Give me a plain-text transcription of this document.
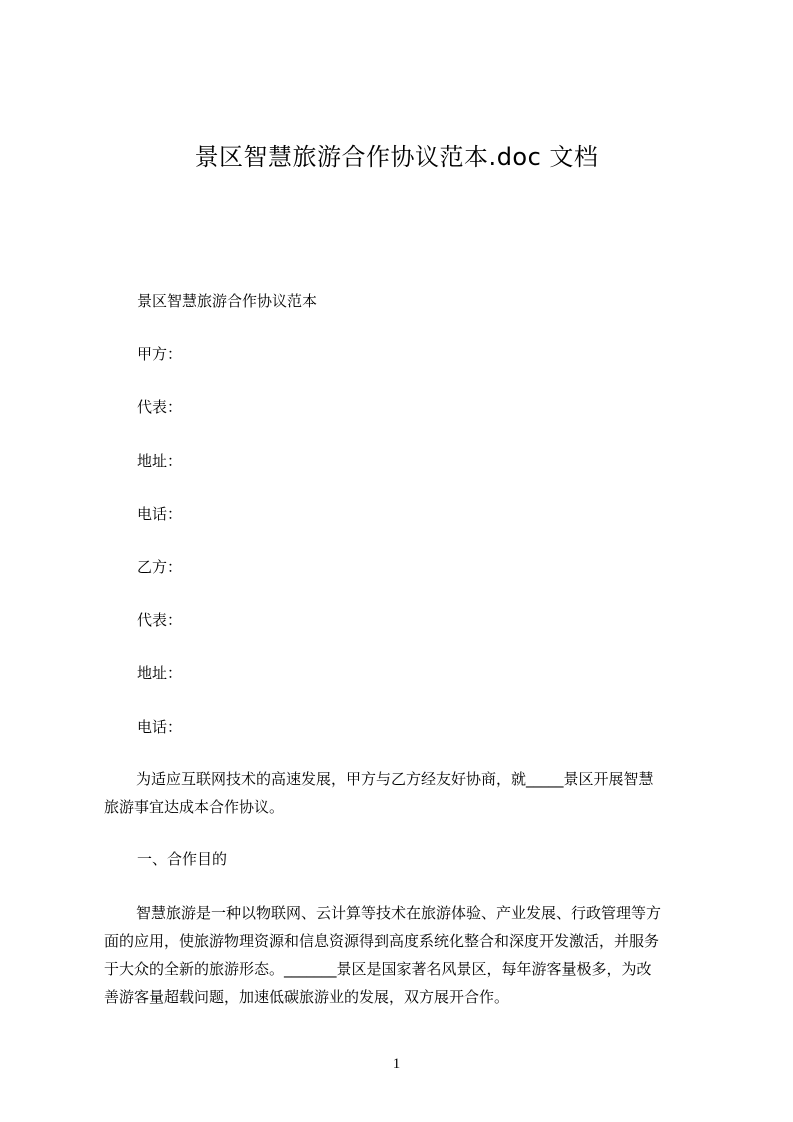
景区智慧旅游合作协议范本.doc 文档
景区智慧旅游合作协议范本
甲方：
代表：
地址：
电话：
乙方：
代表：
地址：
电话：
为适应互联网技术的高速发展，甲方与乙方经友好协商，就_____景区开展智慧
旅游事宜达成本合作协议。
一、合作目的
智慧旅游是一种以物联网、云计算等技术在旅游体验、产业发展、行政管理等方
面的应用，使旅游物理资源和信息资源得到高度系统化整合和深度开发激活，并服务
于大众的全新的旅游形态。_______景区是国家著名风景区，每年游客量极多，为改
善游客量超载问题，加速低碳旅游业的发展，双方展开合作。
1
